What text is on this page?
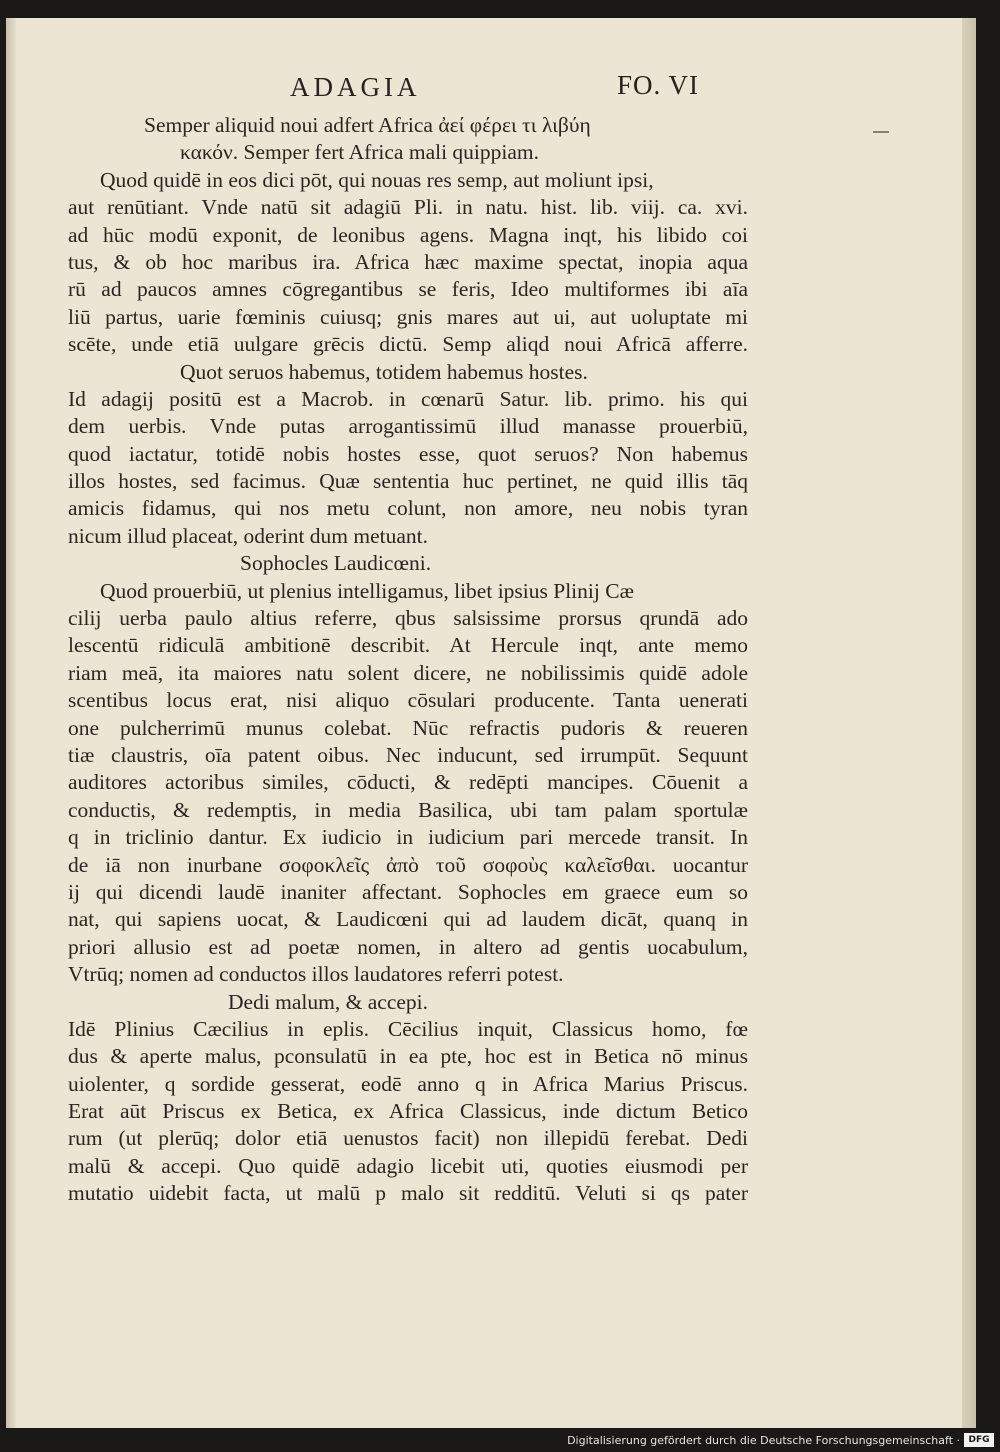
ADAGIA	FO. VI
Semper aliquid noui adfert Africa ἀεί φέρει τι λιβύη
κακόν. Semper fert Africa mali quippiam.
Quod quidē in eos dici pōt, qui nouas res semp, aut moliunt ipsi,
aut renūtiant. Vnde natū sit adagiū Pli. in natu. hist. lib. viij. ca. xvi.
ad hūc modū exponit, de leonibus agens. Magna inqt, his libido coi
tus, & ob hoc maribus ira. Africa hæc maxime spectat, inopia aqua
rū ad paucos amnes cōgregantibus se feris, Ideo multiformes ibi aīa
liū partus, uarie fœminis cuiusq; gnis mares aut ui, aut uoluptate mi
scēte, unde etiā uulgare grēcis dictū. Semp aliqd noui Africā afferre.
Quot seruos habemus, totidem habemus hostes.
Id adagij positū est a Macrob. in cœnarū Satur. lib. primo. his qui
dem uerbis. Vnde putas arrogantissimū illud manasse prouerbiū,
quod iactatur, totidē nobis hostes esse, quot seruos? Non habemus
illos hostes, sed facimus. Quæ sententia huc pertinet, ne quid illis tāq
amicis fidamus, qui nos metu colunt, non amore, neu nobis tyran
nicum illud placeat, oderint dum metuant.
Sophocles Laudicœni.
Quod prouerbiū, ut plenius intelligamus, libet ipsius Plinij Cæ
cilij uerba paulo altius referre, qbus salsissime prorsus qrundā ado
lescentū ridiculā ambitionē describit. At Hercule inqt, ante memo
riam meā, ita maiores natu solent dicere, ne nobilissimis quidē adole
scentibus locus erat, nisi aliquo cōsulari producente. Tanta uenerati
one pulcherrimū munus colebat. Nūc refractis pudoris & reueren
tiæ claustris, oīa patent oibus. Nec inducunt, sed irrumpūt. Sequunt
auditores actoribus similes, cōducti, & redēpti mancipes. Cōuenit a
conductis, & redemptis, in media Basilica, ubi tam palam sportulæ
q in triclinio dantur. Ex iudicio in iudicium pari mercede transit. In
de iā non inurbane σοφοκλεῖς ἀπὸ τοῦ σοφοὺς καλεῖσθαι. uocantur
ij qui dicendi laudē inaniter affectant. Sophocles em graece eum so
nat, qui sapiens uocat, & Laudicœni qui ad laudem dicāt, quanq in
priori allusio est ad poetæ nomen, in altero ad gentis uocabulum,
Vtrūq; nomen ad conductos illos laudatores referri potest.
Dedi malum, & accepi.
Idē Plinius Cæcilius in eplis. Cēcilius inquit, Classicus homo, fœ
dus & aperte malus, pconsulatū in ea pte, hoc est in Betica nō minus
uiolenter, q sordide gesserat, eodē anno q in Africa Marius Priscus.
Erat aūt Priscus ex Betica, ex Africa Classicus, inde dictum Betico
rum (ut plerūq; dolor etiā uenustos facit) non illepidū ferebat. Dedi
malū & accepi. Quo quidē adagio licebit uti, quoties eiusmodi per
mutatio uidebit facta, ut malū p malo sit redditū. Veluti si qs pater
Digitalisierung gefördert durch die Deutsche Forschungsgemeinschaft · DFG
